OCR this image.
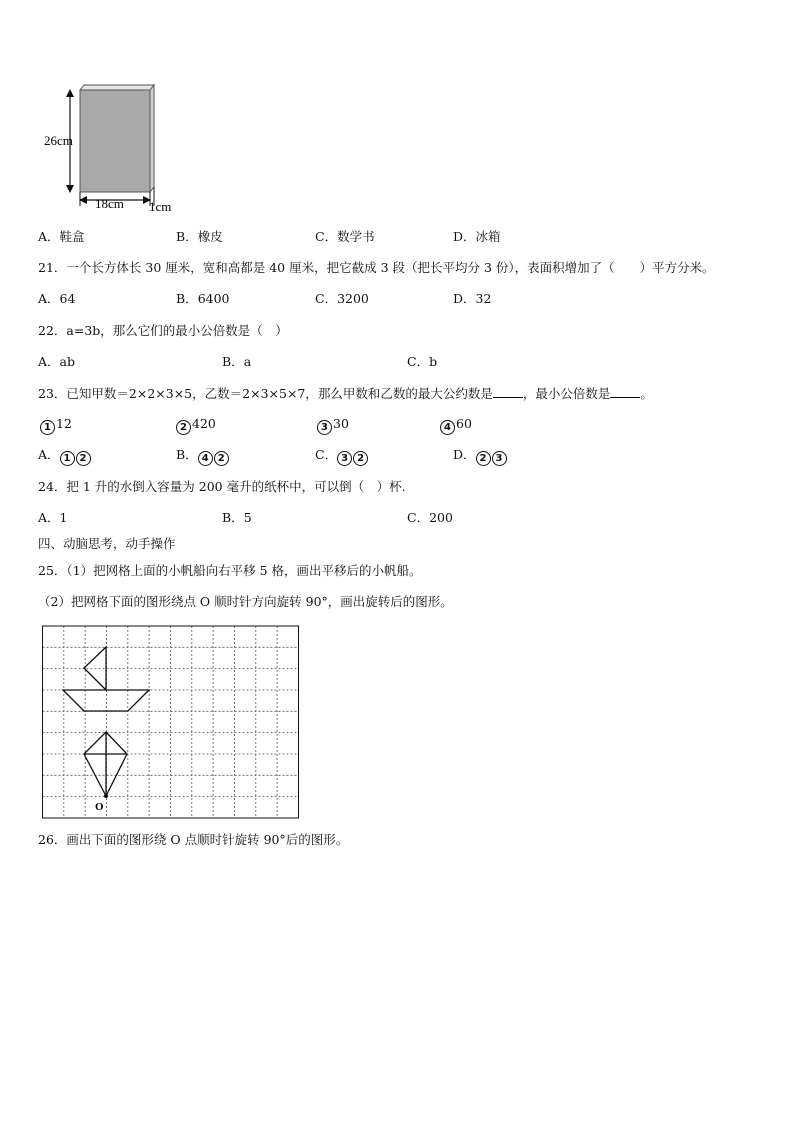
26cm
18cm 1cm
A．鞋盒	B．橡皮	C．数学书	D．冰箱
21．一个长方体长 30 厘米，宽和高都是 40 厘米，把它截成 3 段（把长平均分 3 份），表面积增加了（　　）平方分米。
A．64	B．6400	C．3200	D．32
22．a=3b，那么它们的最小公倍数是（　）
A．ab	B．a	C．b
23．已知甲数＝2×2×3×5，乙数＝2×3×5×7，那么甲数和乙数的最大公约数是 ，最小公倍数是 。
1 12	2 420	3 30	4 60
A． 1 2	B． 4 2	C． 3 2	D． 2 3
24．把 1 升的水倒入容量为 200 毫升的纸杯中，可以倒（　）杯.
A．1	B．5	C．200
四、动脑思考，动手操作
25．（1）把网格上面的小帆船向右平移 5 格，画出平移后的小帆船。
（2）把网格下面的图形绕点 O 顺时针方向旋转 90°，画出旋转后的图形。
O
26．画出下面的图形绕 O 点顺时针旋转 90°后的图形。
